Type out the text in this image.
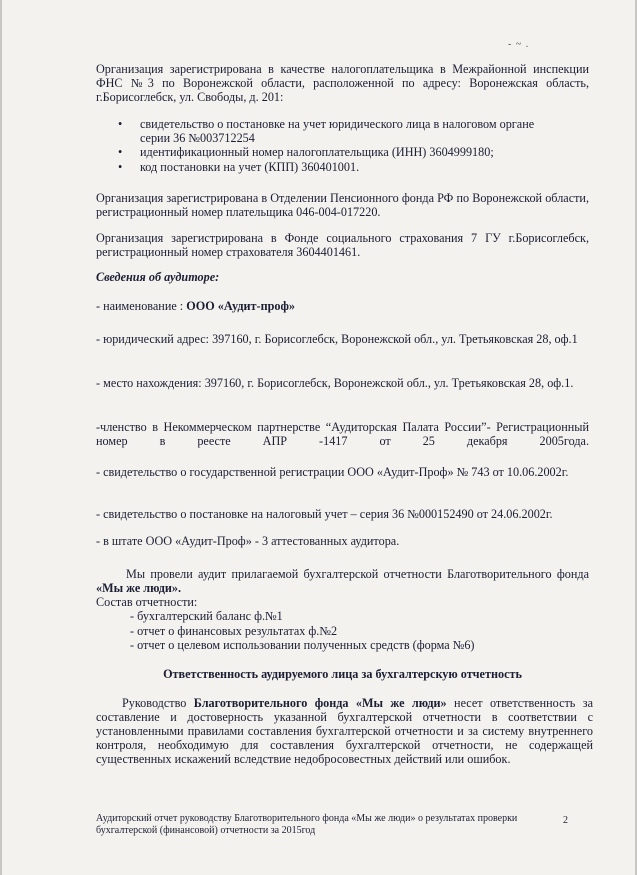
- ~ .

Организация зарегистрирована в качестве налогоплательщика в Межрайонной инспекции ФНС №3 по Воронежской области, расположенной по адресу: Воронежская область, г.Борисоглебск, ул. Свободы, д. 201:

• свидетельство о постановке на учет юридического лица в налоговом органе серии 36 №003712254

• идентификационный номер налогоплательщика (ИНН) 3604999180;

• код постановки на учет (КПП) 360401001.

Организация зарегистрирована в Отделении Пенсионного фонда РФ по Воронежской области, регистрационный номер плательщика 046-004-017220.

Организация зарегистрирована в Фонде социального страхования 7 ГУ г.Борисоглебск, регистрационный номер страхователя 3604401461.

Сведения об аудиторе:

- наименование : ООО «Аудит-проф»

- юридический адрес: 397160, г. Борисоглебск, Воронежской обл., ул. Третьяковская 28, оф.1

- место нахождения: 397160, г. Борисоглебск, Воронежской обл., ул. Третьяковская 28, оф.1.

-членство в Некоммерческом партнерстве “Аудиторская Палата России”- Регистрационный номер в реесте АПР -1417 от 25 декабря 2005года.

- свидетельство о государственной регистрации ООО «Аудит-Проф» № 743 от 10.06.2002г.

- свидетельство о постановке на налоговый учет – серия 36 №000152490 от 24.06.2002г.

- в штате ООО «Аудит-Проф» - 3 аттестованных аудитора.

Мы провели аудит прилагаемой бухгалтерской отчетности Благотворительного фонда «Мы же люди».

Состав отчетности:

- бухгалтерский баланс ф.№1

- отчет о финансовых результатах ф.№2

- отчет о целевом использовании полученных средств (форма №6)

Ответственность аудируемого лица за бухгалтерскую отчетность

Руководство Благотворительного фонда «Мы же люди» несет ответственность за составление и достоверность указанной бухгалтерской отчетности в соответствии с установленными правилами составления бухгалтерской отчетности и за систему внутреннего контроля, необходимую для составления бухгалтерской отчетности, не содержащей существенных искажений вследствие недобросовестных действий или ошибок.

Аудиторский отчет руководству Благотворительного фонда «Мы же люди» о результатах проверки бухгалтерской (финансовой) отчетности за 2015год

2
